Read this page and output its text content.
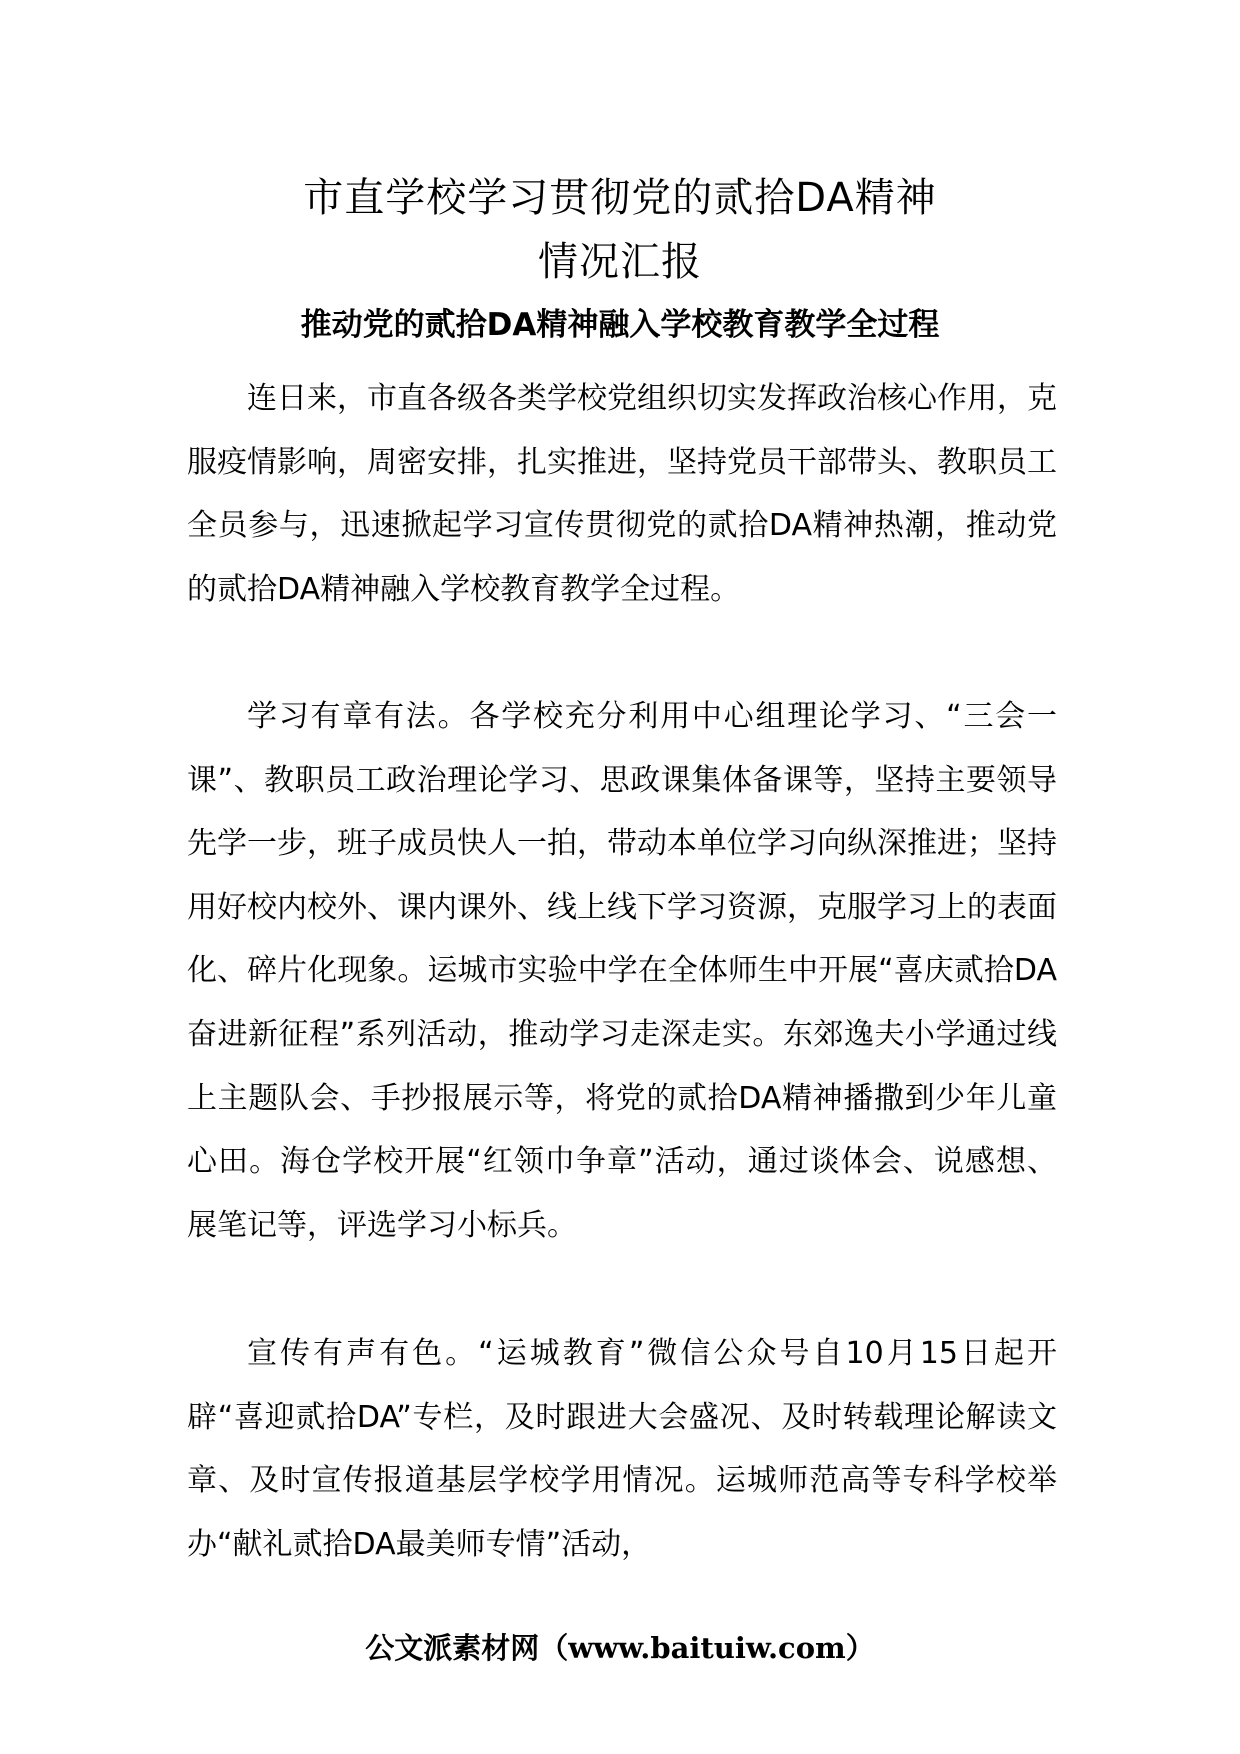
市直学校学习贯彻党的贰拾DA精神
情况汇报
推动党的贰拾DA精神融入学校教育教学全过程

连日来，市直各级各类学校党组织切实发挥政治核心作用，克服疫情影响，周密安排，扎实推进，坚持党员干部带头、教职员工全员参与，迅速掀起学习宣传贯彻党的贰拾DA精神热潮，推动党的贰拾DA精神融入学校教育教学全过程。

学习有章有法。各学校充分利用中心组理论学习、“三会一课”、教职员工政治理论学习、思政课集体备课等，坚持主要领导先学一步，班子成员快人一拍，带动本单位学习向纵深推进；坚持用好校内校外、课内课外、线上线下学习资源，克服学习上的表面化、碎片化现象。运城市实验中学在全体师生中开展“喜庆贰拾DA奋进新征程”系列活动，推动学习走深走实。东郊逸夫小学通过线上主题队会、手抄报展示等，将党的贰拾DA精神播撒到少年儿童心田。海仓学校开展“红领巾争章”活动，通过谈体会、说感想、展笔记等，评选学习小标兵。

宣传有声有色。“运城教育”微信公众号自10月15日起开辟“喜迎贰拾DA”专栏，及时跟进大会盛况、及时转载理论解读文章、及时宣传报道基层学校学用情况。运城师范高等专科学校举办“献礼贰拾DA最美师专情”活动，

公文派素材网（www.baituiw.com）
